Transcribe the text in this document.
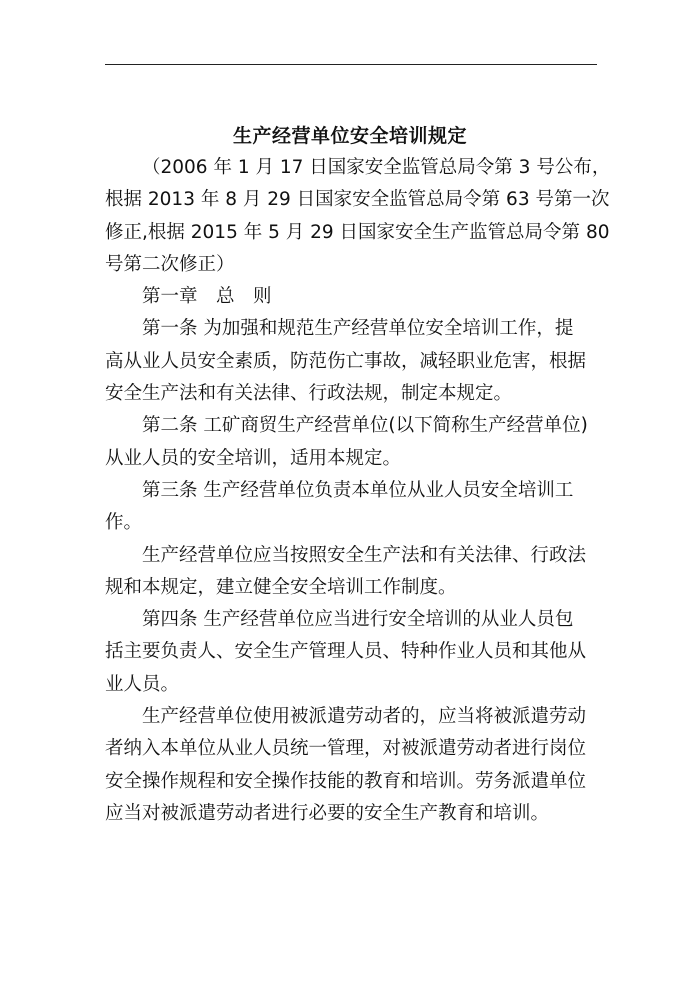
生产经营单位安全培训规定

（2006 年 1 月 17 日国家安全监管总局令第 3 号公布，
根据 2013 年 8 月 29 日国家安全监管总局令第 63 号第一次
修正,根据 2015 年 5 月 29 日国家安全生产监管总局令第 80
号第二次修正）

第一章　总　则

第一条 为加强和规范生产经营单位安全培训工作，提
高从业人员安全素质，防范伤亡事故，减轻职业危害，根据
安全生产法和有关法律、行政法规，制定本规定。

第二条 工矿商贸生产经营单位(以下简称生产经营单位)
从业人员的安全培训，适用本规定。

第三条 生产经营单位负责本单位从业人员安全培训工
作。

生产经营单位应当按照安全生产法和有关法律、行政法
规和本规定，建立健全安全培训工作制度。

第四条 生产经营单位应当进行安全培训的从业人员包
括主要负责人、安全生产管理人员、特种作业人员和其他从
业人员。

生产经营单位使用被派遣劳动者的，应当将被派遣劳动
者纳入本单位从业人员统一管理，对被派遣劳动者进行岗位
安全操作规程和安全操作技能的教育和培训。劳务派遣单位
应当对被派遣劳动者进行必要的安全生产教育和培训。
